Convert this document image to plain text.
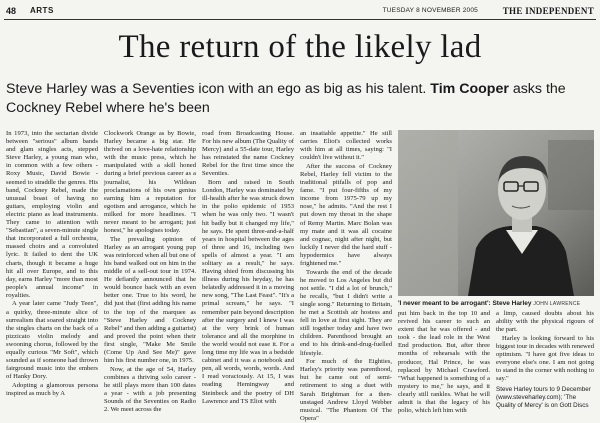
48 ARTS	TUESDAY 8 NOVEMBER 2005	THE INDEPENDENT
The return of the likely lad
Steve Harley was a Seventies icon with an ego as big as his talent. Tim Cooper asks the Cockney Rebel where he's been

In 1973, into the sectarian divide between "serious" album bands and glam singles acts, stepped Steve Harley, a young man who, in common with a few others - Roxy Music, David Bowie - seemed to straddle the genres. His band, Cockney Rebel, made the unusual boast of having no guitars, employing violin and electric piano as lead instruments. They came to attention with "Sebastian", a seven-minute single that incorporated a full orchestra, massed choirs and a convoluted lyric. It failed to dent the UK charts, though it became a huge hit all over Europe, and to this day, earns Harley "more than most people's annual income" in royalties.

A year later came "Judy Teen", a quirky, three-minute slice of surrealism that soared straight into the singles charts on the back of a pizzicato violin melody and swooning chorus, followed by the equally curious "Mr Soft", which sounded as if someone had thrown fairground music into the embers of Hanky Dory.

Adopting a glamorous persona inspired as much by A

Clockwork Orange as by Bowie, Harley became a big star. He thrived on a love-hate relationship with the music press, which he manipulated with a skill honed during a brief previous career as a journalist, his Wildean proclamations of his own genius earning him a reputation for egotism and arrogance, which he milked for more headlines. "I never meant to be arrogant; just honest," he apologises today.

The prevailing opinion of Harley as an arrogant young pup was reinforced when all but one of his band walked out on him in the middle of a sell-out tour in 1974. He defiantly announced that he would bounce back with an even better one. True to his word, he did just that (first adding his name to the top of the marquee as "Steve Harley and Cockney Rebel" and then adding a guitarist) and proved the point when their first single, "Make Me Smile (Come Up And See Me)" gave him his first number one, in 1975.

Now, at the age of 54, Harley combines a thriving solo career - he still plays more than 100 dates a year - with a job presenting Sounds of the Seventies on Radio 2. We meet across the

road from Broadcasting House. For his new album (The Quality of Mercy) and a 55-date tour, Harley has reinstated the name Cockney Rebel for the first time since the Seventies.

Born and raised in South London, Harley was dominated by ill-health after he was struck down in the polio epidemic of 1953 when he was only two. "I wasn't hit badly but it changed my life," he says. He spent three-and-a-half years in hospital between the ages of three and 16, including two spells of almost a year. "I am solitary as a result," he says. Having shied from discussing his illness during his heyday, he has belatedly addressed it in a moving new song, "The Last Feast". "It's a primal scream," he says. "I remember pain beyond description after the surgery and I knew I was at the very brink of human tolerance and all the morphine in the world would not ease it. For a long time my life was in a bedside cabinet and it was a notebook and pen, all words, words, words. And I read voraciously. At 15, I was reading Hemingway and Steinbeck and the poetry of DH Lawrence and TS Eliot with

an insatiable appetite." He still carries Eliot's collected works with him at all times, saying: "I couldn't live without it."

After the success of Cockney Rebel, Harley fell victim to the traditional pitfalls of pop and fame. "I put four-fifths of my income from 1975-79 up my nose," he admits. "And the rest I put down my throat in the shape of Remy Martin. Marc Bolan was my mate and it was all cocaine and cognac, night after night, but luckily I never did the hard stuff - hypodermics have always frightened me."

Towards the end of the decade he moved to Los Angeles but did not settle. "I did a lot of brunch," he recalls, "but I didn't write a single song." Returning to Britain, he met a Scottish air hostess and fell in love at first sight. They are still together today and have two children. Parenthood brought an end to his drink-and-drug-fuelled lifestyle.

For much of the Eighties, Harley's priority was parenthood, but he came out of semi-retirement to sing a duet with Sarah Brightman for a then-unstaged Andrew Lloyd Webber musical. "The Phantom Of The Opera"

'I never meant to be arrogant': Steve Harley JOHN LAWRENCE

put him back in the top 10 and revived his career to such an extent that he was offered - and took - the lead role in the West End production. But, after three months of rehearsals with the producer, Hal Prince, he was replaced by Michael Crawford. "What happened is something of a mystery to me," he says, and it clearly still rankles. What he will admit is that the legacy of his polio, which left him with

a limp, caused doubts about his ability with the physical rigours of the part.

Harley is looking forward to his biggest tour in decades with renewed optimism. "I have got five ideas to everyone else's one. I am not going to stand in the corner with nothing to say."

Steve Harley tours to 9 December (www.steveharley.com); 'The Quality of Mercy' is on Gott Discs
